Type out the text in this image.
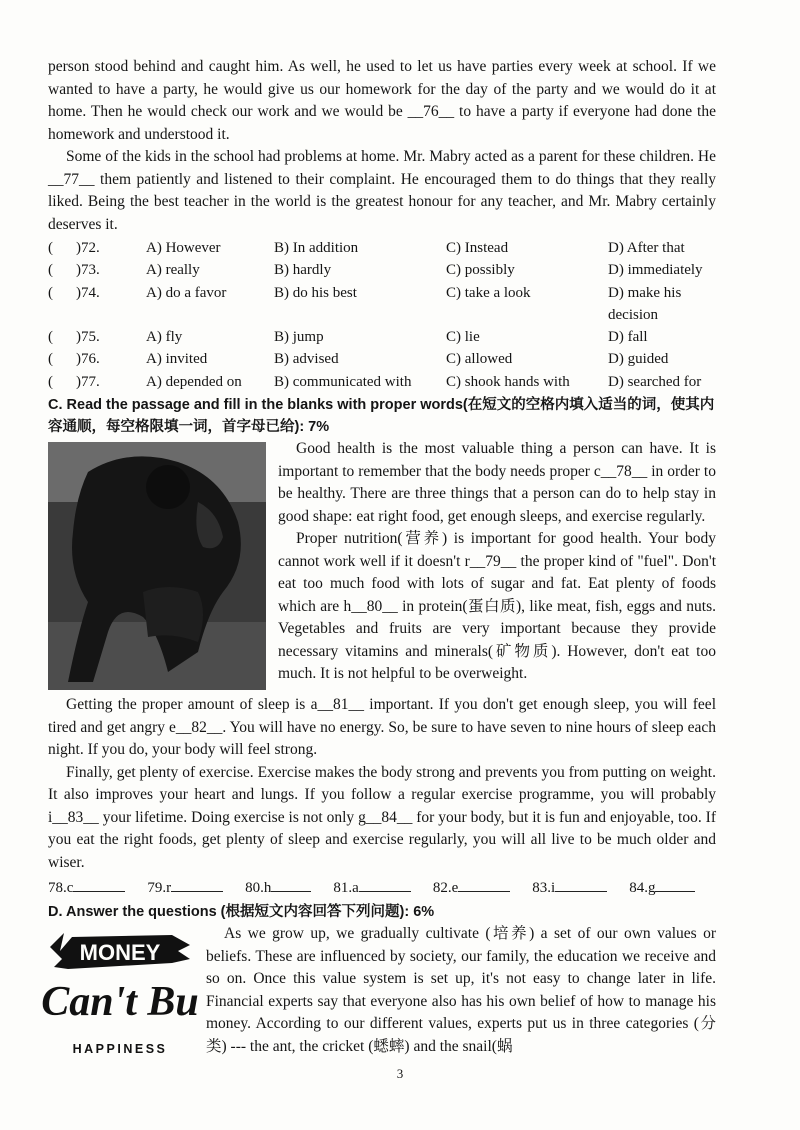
person stood behind and caught him. As well, he used to let us have parties every week at school. If we wanted to have a party, he would give us our homework for the day of the party and we would do it at home. Then he would check our work and we would be __76__ to have a party if everyone had done the homework and understood it.

Some of the kids in the school had problems at home. Mr. Mabry acted as a parent for these children. He __77__ them patiently and listened to their complaint. He encouraged them to do things that they really liked. Being the best teacher in the world is the greatest honour for any teacher, and Mr. Mabry certainly deserves it.

(	)72.	A) However	B) In addition	C) Instead	D) After that
(	)73.	A) really	B) hardly	C) possibly	D) immediately
(	)74.	A) do a favor	B) do his best	C) take a look	D) make his decision
(	)75.	A) fly	B) jump	C) lie	D) fall
(	)76.	A) invited	B) advised	C) allowed	D) guided
(	)77.	A) depended on	B) communicated with	C) shook hands with	D) searched for
C. Read the passage and fill in the blanks with proper words(在短文的空格内填入适当的词，使其内容通顺，每空格限填一词，首字母已给): 7%

Good health is the most valuable thing a person can have. It is important to remember that the body needs proper c__78__ in order to be healthy. There are three things that a person can do to help stay in good shape: eat right food, get enough sleeps, and exercise regularly.

Proper nutrition(营养) is important for good health. Your body cannot work well if it doesn't r__79__ the proper kind of "fuel". Don't eat too much food with lots of sugar and fat. Eat plenty of foods which are h__80__ in protein(蛋白质), like meat, fish, eggs and nuts. Vegetables and fruits are very important because they provide necessary vitamins and minerals(矿物质). However, don't eat too much. It is not helpful to be overweight.

Getting the proper amount of sleep is a__81__ important. If you don't get enough sleep, you will feel tired and get angry e__82__. You will have no energy. So, be sure to have seven to nine hours of sleep each night. If you do, your body will feel strong.

Finally, get plenty of exercise. Exercise makes the body strong and prevents you from putting on weight. It also improves your heart and lungs. If you follow a regular exercise programme, you will probably i__83__ your lifetime. Doing exercise is not only g__84__ for your body, but it is fun and enjoyable, too. If you eat the right foods, get plenty of sleep and exercise regularly, you will all live to be much older and wiser.

78.c	79.r	80.h	81.a	82.e	83.i	84.g
D. Answer the questions (根据短文内容回答下列问题): 6%
MONEY
Can't Bu
HAPPINESS

As we grow up, we gradually cultivate (培养) a set of our own values or beliefs. These are influenced by society, our family, the education we receive and so on. Once this value system is set up, it's not easy to change later in life. Financial experts say that everyone also has his own belief of how to manage his money. According to our different values, experts put us in three categories (分类) --- the ant, the cricket (蟋蟀) and the snail(蜗

3
